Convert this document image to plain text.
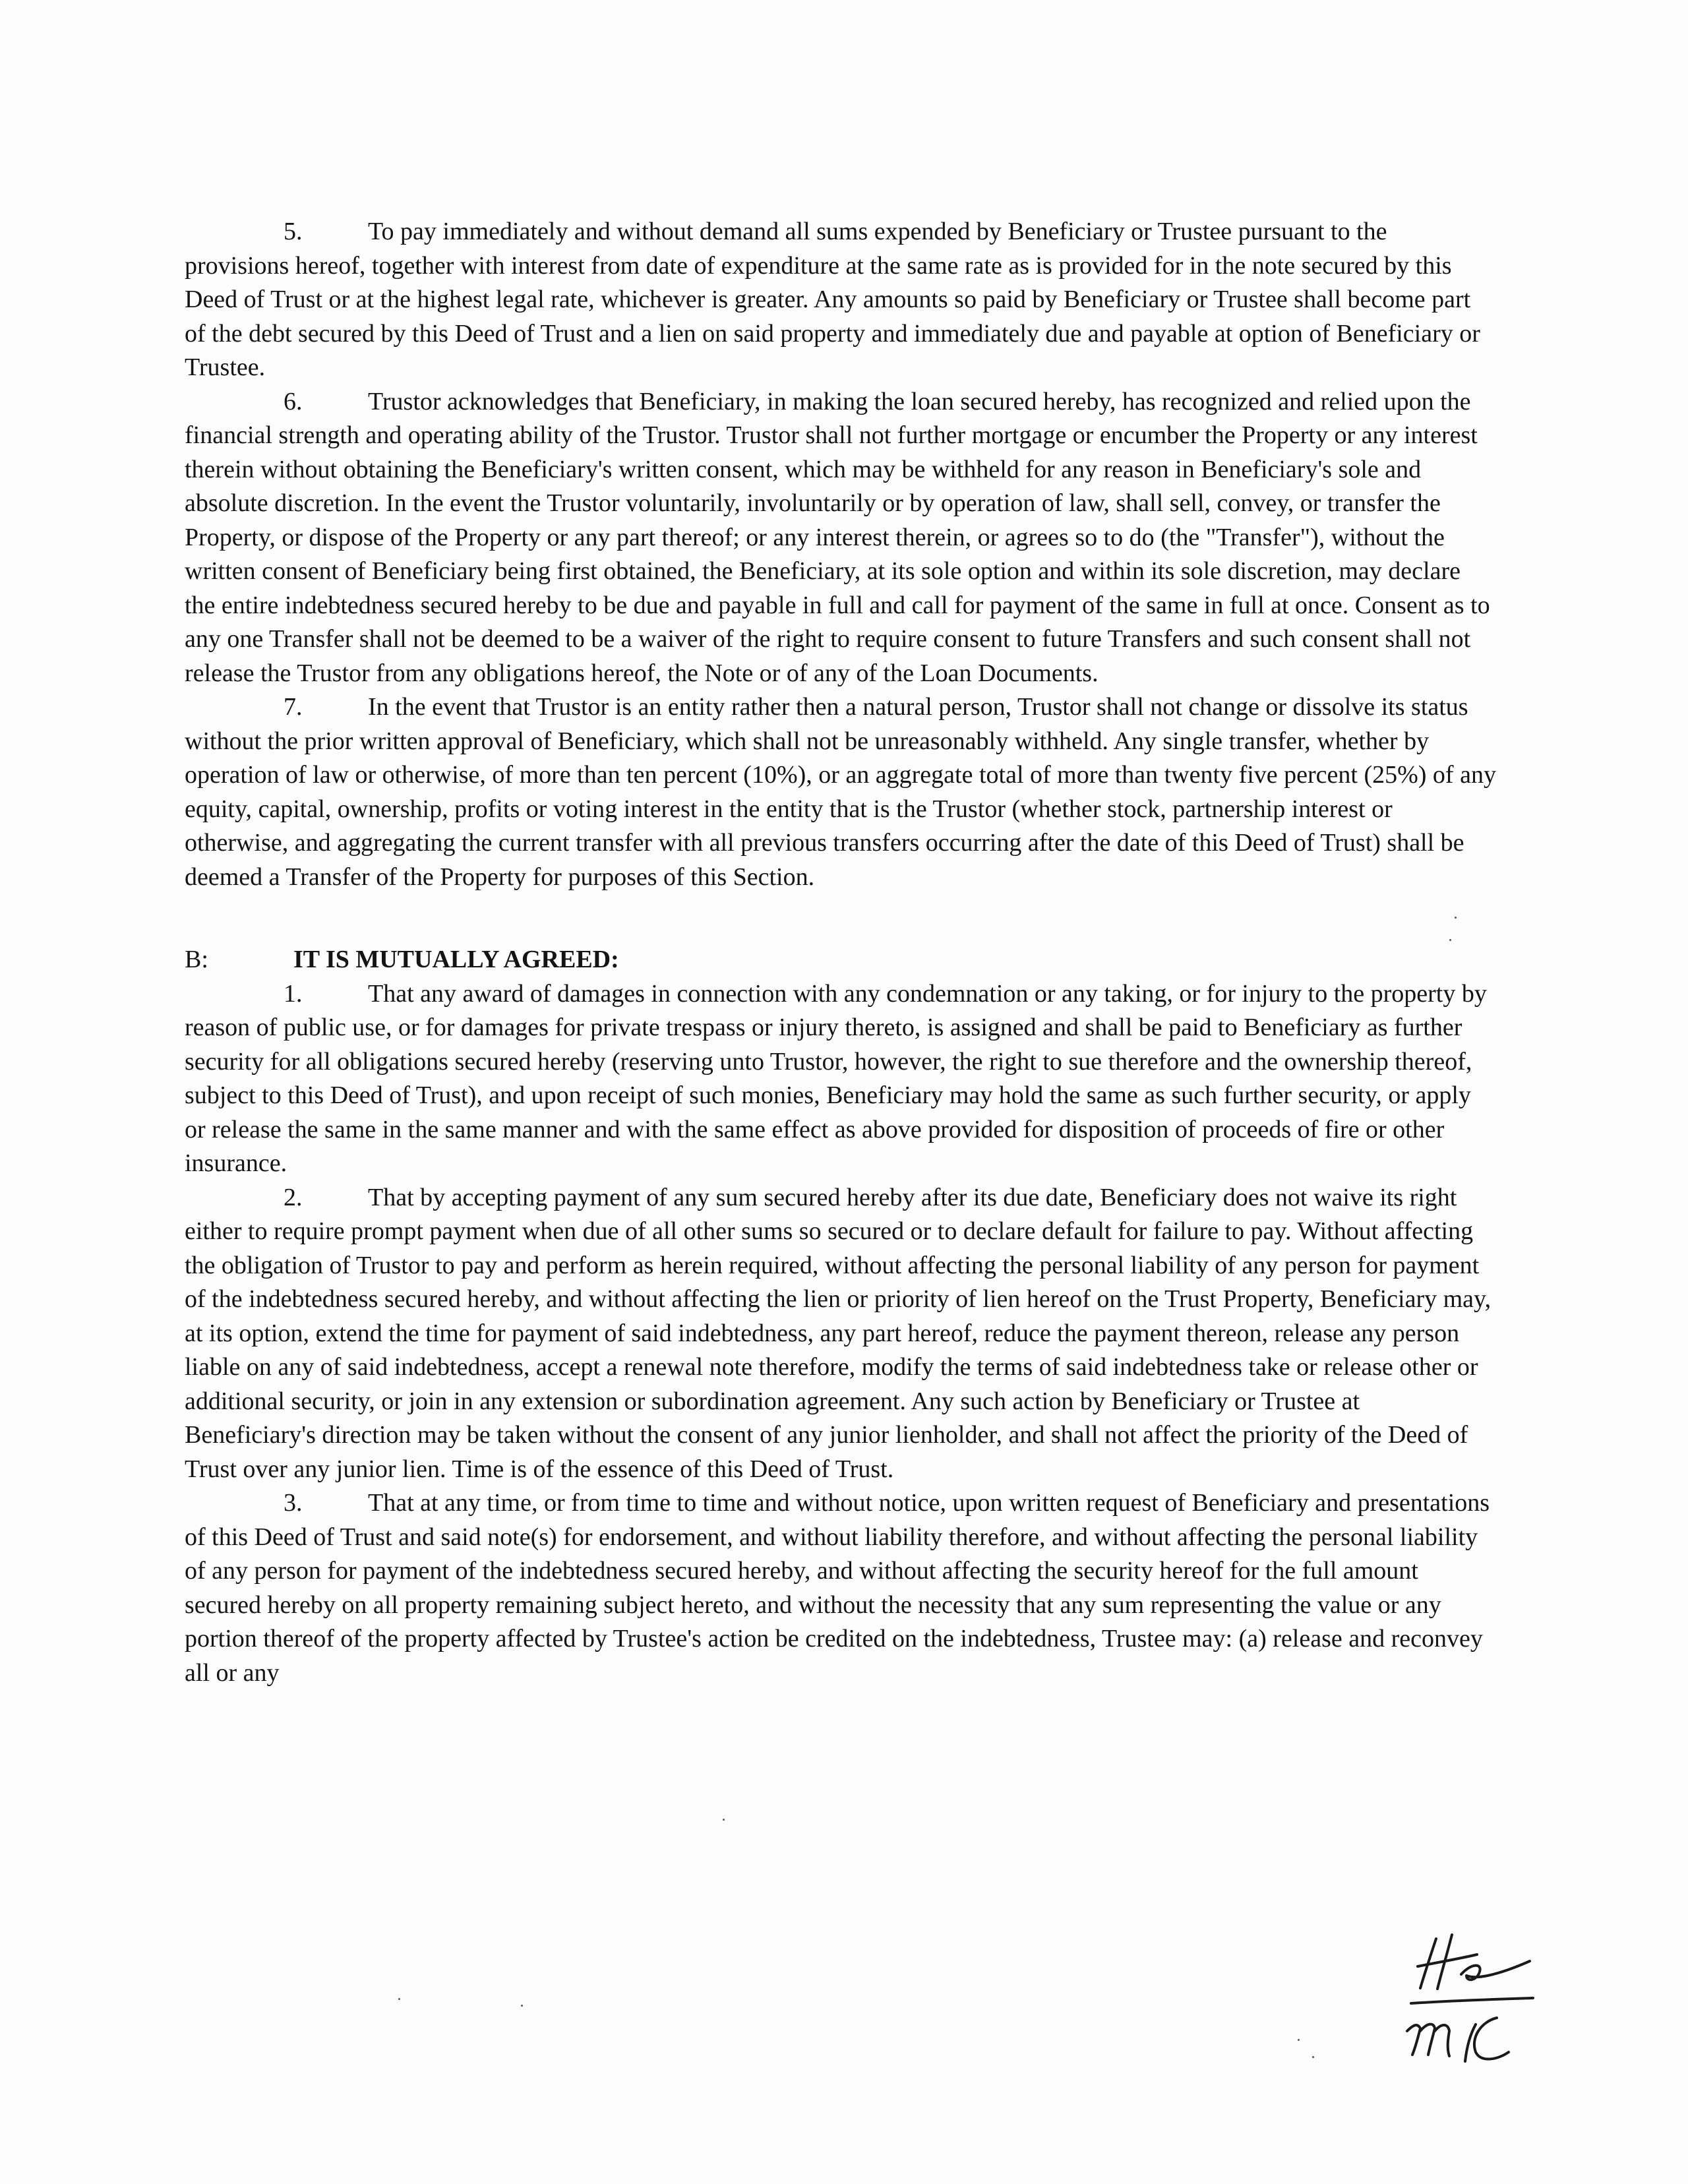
5.	To pay immediately and without demand all sums expended by Beneficiary or Trustee pursuant to the provisions hereof, together with interest from date of expenditure at the same rate as is provided for in the note secured by this Deed of Trust or at the highest legal rate, whichever is greater. Any amounts so paid by Beneficiary or Trustee shall become part of the debt secured by this Deed of Trust and a lien on said property and immediately due and payable at option of Beneficiary or Trustee.

6.	Trustor acknowledges that Beneficiary, in making the loan secured hereby, has recognized and relied upon the financial strength and operating ability of the Trustor. Trustor shall not further mortgage or encumber the Property or any interest therein without obtaining the Beneficiary's written consent, which may be withheld for any reason in Beneficiary's sole and absolute discretion. In the event the Trustor voluntarily, involuntarily or by operation of law, shall sell, convey, or transfer the Property, or dispose of the Property or any part thereof; or any interest therein, or agrees so to do (the "Transfer"), without the written consent of Beneficiary being first obtained, the Beneficiary, at its sole option and within its sole discretion, may declare the entire indebtedness secured hereby to be due and payable in full and call for payment of the same in full at once. Consent as to any one Transfer shall not be deemed to be a waiver of the right to require consent to future Transfers and such consent shall not release the Trustor from any obligations hereof, the Note or of any of the Loan Documents.

7.	In the event that Trustor is an entity rather then a natural person, Trustor shall not change or dissolve its status without the prior written approval of Beneficiary, which shall not be unreasonably withheld. Any single transfer, whether by operation of law or otherwise, of more than ten percent (10%), or an aggregate total of more than twenty five percent (25%) of any equity, capital, ownership, profits or voting interest in the entity that is the Trustor (whether stock, partnership interest or otherwise, and aggregating the current transfer with all previous transfers occurring after the date of this Deed of Trust) shall be deemed a Transfer of the Property for purposes of this Section.

B:	IT IS MUTUALLY AGREED:

1.	That any award of damages in connection with any condemnation or any taking, or for injury to the property by reason of public use, or for damages for private trespass or injury thereto, is assigned and shall be paid to Beneficiary as further security for all obligations secured hereby (reserving unto Trustor, however, the right to sue therefore and the ownership thereof, subject to this Deed of Trust), and upon receipt of such monies, Beneficiary may hold the same as such further security, or apply or release the same in the same manner and with the same effect as above provided for disposition of proceeds of fire or other insurance.

2.	That by accepting payment of any sum secured hereby after its due date, Beneficiary does not waive its right either to require prompt payment when due of all other sums so secured or to declare default for failure to pay. Without affecting the obligation of Trustor to pay and perform as herein required, without affecting the personal liability of any person for payment of the indebtedness secured hereby, and without affecting the lien or priority of lien hereof on the Trust Property, Beneficiary may, at its option, extend the time for payment of said indebtedness, any part hereof, reduce the payment thereon, release any person liable on any of said indebtedness, accept a renewal note therefore, modify the terms of said indebtedness take or release other or additional security, or join in any extension or subordination agreement. Any such action by Beneficiary or Trustee at Beneficiary's direction may be taken without the consent of any junior lienholder, and shall not affect the priority of the Deed of Trust over any junior lien. Time is of the essence of this Deed of Trust.

3.	That at any time, or from time to time and without notice, upon written request of Beneficiary and presentations of this Deed of Trust and said note(s) for endorsement, and without liability therefore, and without affecting the personal liability of any person for payment of the indebtedness secured hereby, and without affecting the security hereof for the full amount secured hereby on all property remaining subject hereto, and without the necessity that any sum representing the value or any portion thereof of the property affected by Trustee's action be credited on the indebtedness, Trustee may: (a) release and reconvey all or any
